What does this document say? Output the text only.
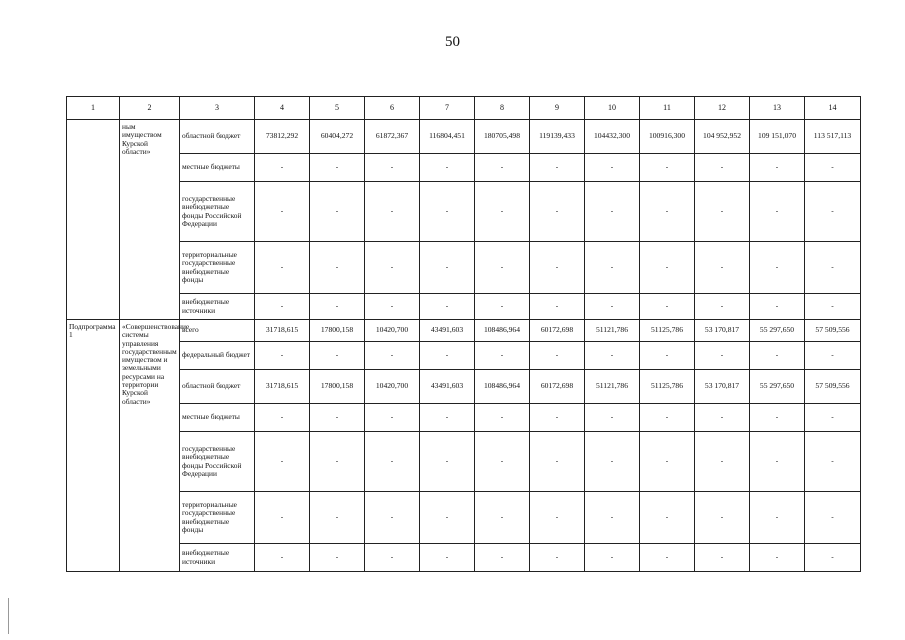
50
1	2	3	4	5	6	7	8	9	10	11	12	13	14
	ным имуществом Курской области»	областной бюджет	73812,292	60404,272	61872,367	116804,451	180705,498	119139,433	104432,300	100916,300	104 952,952	109 151,070	113 517,113
		местные бюджеты	-	-	-	-	-	-	-	-	-	-	-
		государственные внебюджетные фонды Российской Федерации	-	-	-	-	-	-	-	-	-	-	-
		территориальные государственные внебюджетные фонды	-	-	-	-	-	-	-	-	-	-	-
		внебюджетные источники	-	-	-	-	-	-	-	-	-	-	-
Подпрограмма 1	«Совершенствование системы управления государственным имуществом и земельными ресурсами на территории Курской области»	всего	31718,615	17800,158	10420,700	43491,603	108486,964	60172,698	51121,786	51125,786	53 170,817	55 297,650	57 509,556
		федеральный бюджет	-	-	-	-	-	-	-	-	-	-	-
		областной бюджет	31718,615	17800,158	10420,700	43491,603	108486,964	60172,698	51121,786	51125,786	53 170,817	55 297,650	57 509,556
		местные бюджеты	-	-	-	-	-	-	-	-	-	-	-
		государственные внебюджетные фонды Российской Федерации	-	-	-	-	-	-	-	-	-	-	-
		территориальные государственные внебюджетные фонды	-	-	-	-	-	-	-	-	-	-	-
		внебюджетные источники	-	-	-	-	-	-	-	-	-	-	-
